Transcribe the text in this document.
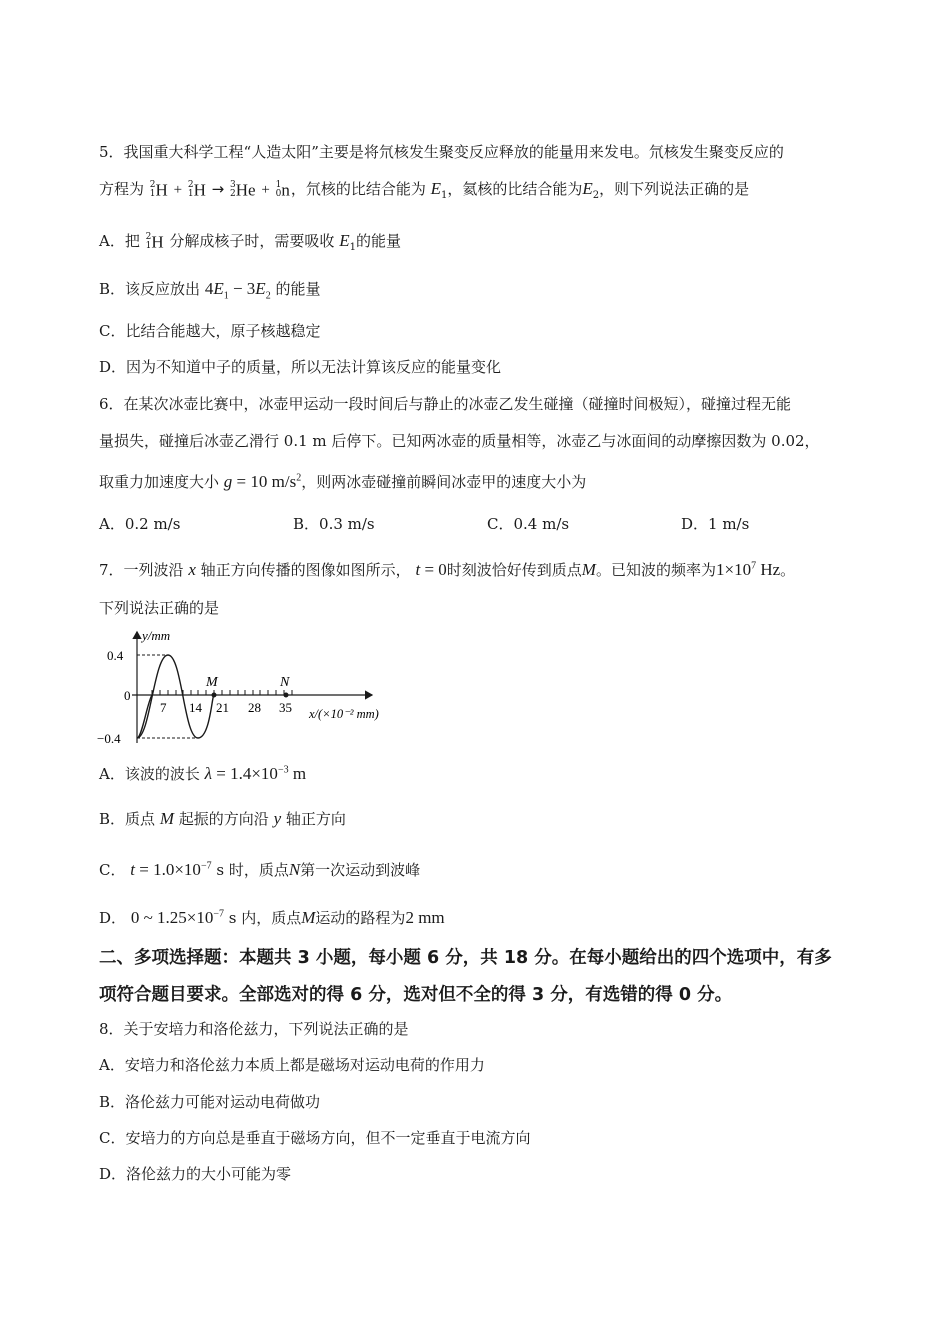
5．我国重大科学工程“人造太阳”主要是将氘核发生聚变反应释放的能量用来发电。氘核发生聚变反应的
方程为 2
1 H + 2
1 H → 3
2 He + 1
0 n，氘核的比结合能为 $E_1$，氦核的比结合能为$E_2$，则下列说法正确的是
A．把 2
1 H 分解成核子时，需要吸收 $E_1$的能量
B．该反应放出 $4E_1 - 3E_2$ 的能量
C．比结合能越大，原子核越稳定
D．因为不知道中子的质量，所以无法计算该反应的能量变化
6．在某次冰壶比赛中，冰壶甲运动一段时间后与静止的冰壶乙发生碰撞（碰撞时间极短），碰撞过程无能
量损失，碰撞后冰壶乙滑行 0.1 m 后停下。已知两冰壶的质量相等，冰壶乙与冰面间的动摩擦因数为 0.02，
取重力加速度大小 g = 10 $m/s^2$，则两冰壶碰撞前瞬间冰壶甲的速度大小为
A．0.2 m/s	B．0.3 m/s	C．0.4 m/s	D．1 m/s
7．一列波沿 x 轴正方向传播的图像如图所示， t = 0时刻波恰好传到质点M。已知波的频率为$1\times 10^7$ Hz。
下列说法正确的是
y/mm
0.4
0
−0.4
7 14 21 28 35
M	N
x/(×10⁻² mm)
A．该波的波长 $\lambda = 1.4\times 10^{-3}$ m
B．质点 M 起振的方向沿 y 轴正方向
C． $t = 1.0\times 10^{-7}$ s 时，质点N第一次运动到波峰
D． 0 ~ $1.25\times 10^{-7}$ s 内，质点M运动的路程为2 mm
二、多项选择题：本题共 3 小题，每小题 6 分，共 18 分。在每小题给出的四个选项中，有多
项符合题目要求。全部选对的得 6 分，选对但不全的得 3 分，有选错的得 0 分。
8．关于安培力和洛伦兹力，下列说法正确的是
A．安培力和洛伦兹力本质上都是磁场对运动电荷的作用力
B．洛伦兹力可能对运动电荷做功
C．安培力的方向总是垂直于磁场方向，但不一定垂直于电流方向
D．洛伦兹力的大小可能为零
